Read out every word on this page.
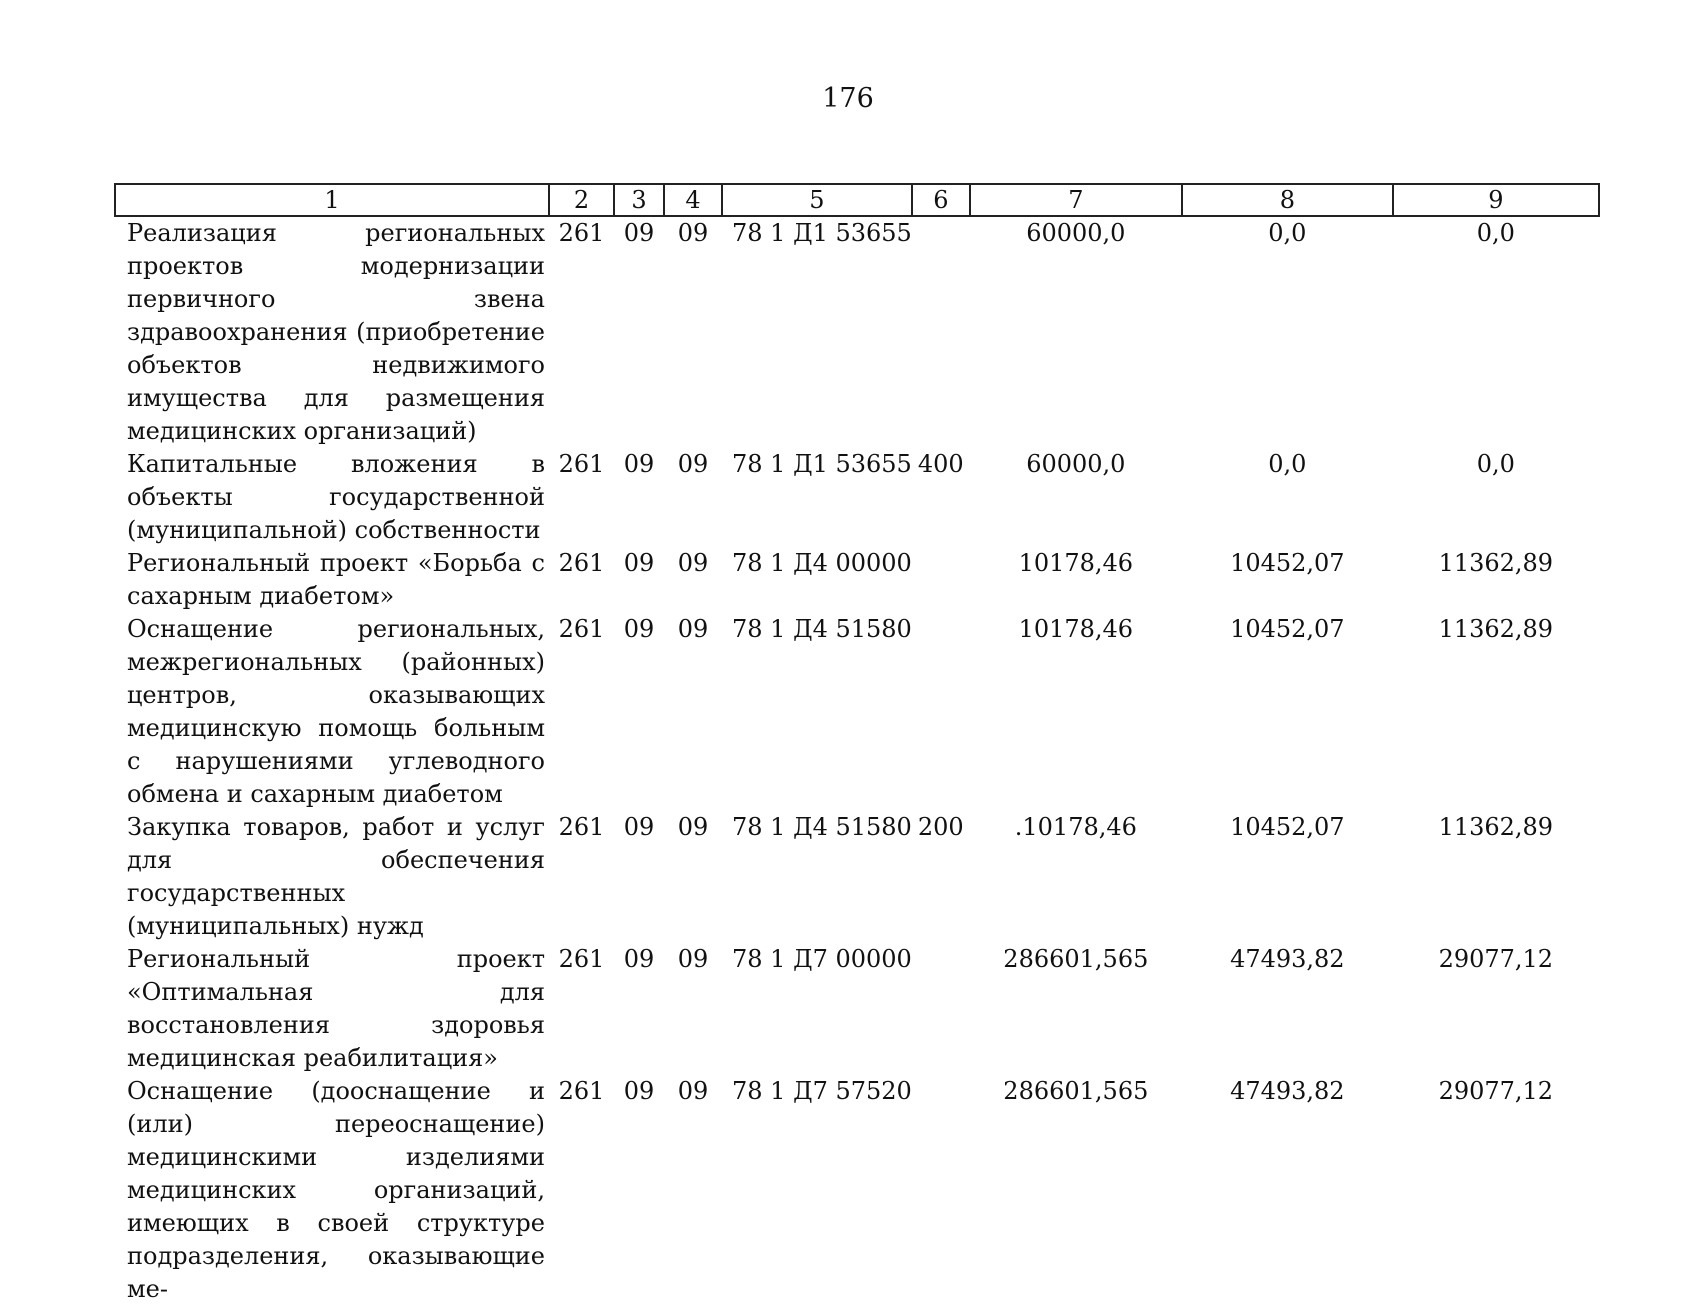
176
1	2	3	4	5	6	7	8	9
Реализация региональных проектов модернизации первичного звена здравоохранения (приобретение объектов недвижимого имущества для размещения медицинских организаций)	261	09	09	78 1 Д1 53655		60000,0	0,0	0,0
Капитальные вложения в объекты государственной (муниципальной) собственности	261	09	09	78 1 Д1 53655	400	60000,0	0,0	0,0
Региональный проект «Борьба с сахарным диабетом»	261	09	09	78 1 Д4 00000		10178,46	10452,07	11362,89
Оснащение региональных, межрегиональных (районных) центров, оказывающих медицинскую помощь больным с нарушениями углеводного обмена и сахарным диабетом	261	09	09	78 1 Д4 51580		10178,46	10452,07	11362,89
Закупка товаров, работ и услуг для обеспечения государственных (муниципальных) нужд	261	09	09	78 1 Д4 51580	200	.10178,46	10452,07	11362,89
Региональный проект «Оптимальная для восстановления здоровья медицинская реабилитация»	261	09	09	78 1 Д7 00000		286601,565	47493,82	29077,12
Оснащение (дооснащение и (или) переоснащение) медицинскими изделиями медицинских организаций, имеющих в своей структуре подразделения, оказывающие ме-	261	09	09	78 1 Д7 57520		286601,565	47493,82	29077,12
